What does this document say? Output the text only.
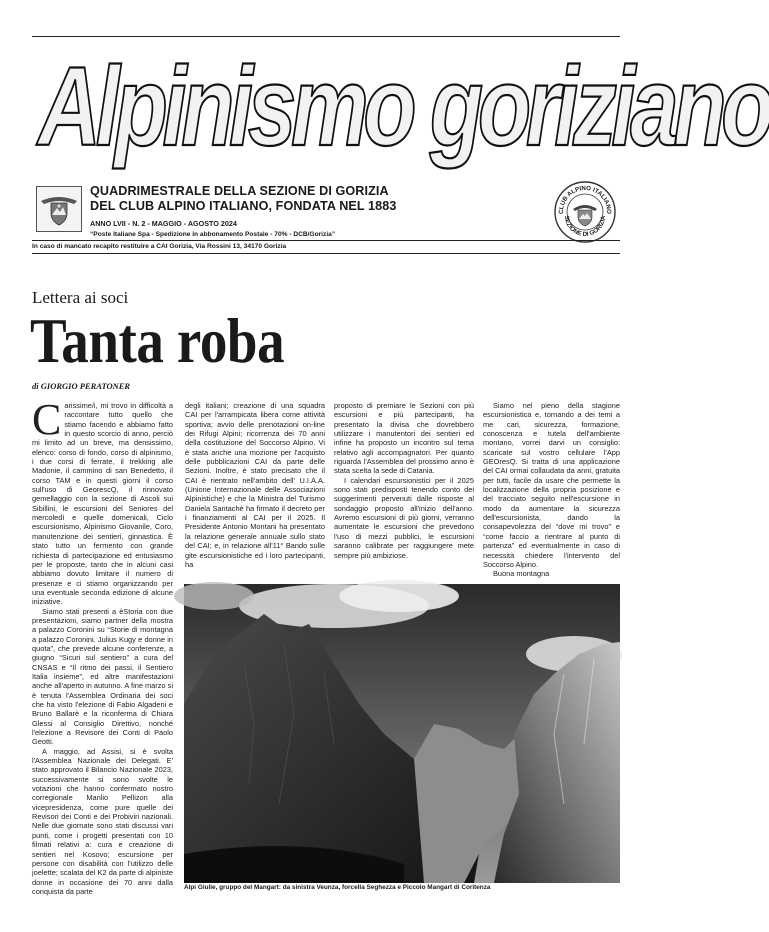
Alpinismo goriziano
QUADRIMESTRALE DELLA SEZIONE DI GORIZIA
DEL CLUB ALPINO ITALIANO, FONDATA NEL 1883
ANNO LVII - N. 2 - MAGGIO - AGOSTO 2024
“Poste Italiane Spa - Spedizione in abbonamento Postale - 70% - DCB/Gorizia”
CLUB ALPINO ITALIANO
SEZIONE DI GORIZIA
In caso di mancato recapito restituire a CAI Gorizia, Via Rossini 13, 34170 Gorizia
Lettera ai soci
Tanta roba
di GIORGIO PERATONER

Carissime/i, mi trovo in difficoltà a raccontare tutto quello che stiamo facendo e abbiamo fatto in questo scorcio di anno, perciò mi limito ad un breve, ma densissimo, elenco: corso di fondo, corso di alpinismo, i due corsi di ferrate, il trekking alle Madonie, il cammino di san Benedetto, il corso TAM e in questi giorni il corso sull'uso di GeorescQ, il rinnovato gemellaggio con la sezione di Ascoli sui Sibillini, le escursioni del Seniores del mercoledì e quelle domenicali, Ciclo escursionismo, Alpinismo Giovanile, Coro, manutenzione dei sentieri, ginnastica. È stato tutto un fermento con grande richiesta di partecipazione ed entusiasmo per le proposte, tanto che in alcuni casi abbiamo dovuto limitare il numero di presenze e ci stiamo organizzando per una eventuale seconda edizione di alcune iniziative.

Siamo stati presenti a èStoria con due presentazioni, siamo partner della mostra a palazzo Coronini su “Storie di montagna a palazzo Coronini. Julius Kugy e donne in quota”, che prevede alcune conferenze, a giugno “Sicuri sul sentiero” a cura del CNSAS e “Il ritmo dei passi, il Sentiero Italia insieme”, ed altre manifestazioni anche all'aperto in autunno. A fine marzo si è tenuta l'Assemblea Ordinaria dei soci che ha visto l'elezione di Fabio Algadeni e Bruno Ballarè e la riconferma di Chiara Glessi al Consiglio Direttivo, nonché l'elezione a Revisore dei Conti di Paolo Geotti.

A maggio, ad Assisi, si è svolta l'Assemblea Nazionale dei Delegati. E' stato approvato il Bilancio Nazionale 2023, successivamente si sono svolte le votazioni che hanno confermato nostro corregionale Manlio Pellizon alla vicepresidenza, come pure quelle dei Revisori dei Conti e dei Probiviri nazionali. Nelle due giornate sono stati discussi vari punti, come i progetti presentati con 10 filmati relativi a: cura e creazione di sentieri nel Kosovo; escursione per persone con disabilità con l'utilizzo delle joelette; scalata del K2 da parte di alpiniste donne in occasione dei 70 anni dalla conquista da parte

degli italiani; creazione di una squadra CAI per l'arrampicata libera come attività sportiva; avvio delle prenotazioni on-line dei Rifugi Alpini; ricorrenza dei 70 anni della costituzione del Soccorso Alpino. Vi è stata anche una mozione per l'acquisto delle pubblicazioni CAI da parte delle Sezioni. Inoltre, è stato precisato che il CAI è rientrato nell'ambito dell' U.I.A.A. (Unione Internazionale delle Associazioni Alpinistiche) e che la Ministra del Turismo Daniela Santachè ha firmato il decreto per i finanziamenti al CAI per il 2025. Il Presidente Antonio Montani ha presentato la relazione generale annuale sullo stato del CAI; e, in relazione all'11° Bando sulle gite escursionistiche ed i loro partecipanti, ha

proposto di premiare le Sezioni con più escursioni e più partecipanti, ha presentato la divisa che dovrebbero utilizzare i manutentori dei sentieri ed infine ha proposto un incontro sul tema relativo agli accompagnatori. Per quanto riguarda l'Assemblea del prossimo anno è stata scelta la sede di Catania.

I calendari escursionistici per il 2025 sono stati predisposti tenendo conto dei suggerimenti pervenuti dalle risposte al sondaggio proposto all'inizio dell'anno. Avremo escursioni di più giorni, verranno aumentate le escursioni che prevedono l'uso di mezzi pubblici, le escursioni saranno calibrate per raggiungere mete sempre più ambiziose.

Siamo nel pieno della stagione escursionistica e, tornando a dei temi a me cari, sicurezza, formazione, conoscenza e tutela dell'ambiente montano, vorrei darvi un consiglio: scaricate sul vostro cellulare l'App GEOresQ. Si tratta di una applicazione del CAI ormai collaudata da anni, gratuita per tutti, facile da usare che permette la localizzazione della propria posizione e del tracciato seguito nell'escursione in modo da aumentare la sicurezza dell'escursionista, dando la consapevolezza del “dove mi trovo” e “come faccio a rientrare al punto di partenza” ed eventualmente in caso di necessità chiedere l'intervento del Soccorso Alpino.

Buona montagna

Alpi Giulie, gruppo del Mangart: da sinistra Veunza, forcella Seghezza e Piccolo Mangart di Coritenza
